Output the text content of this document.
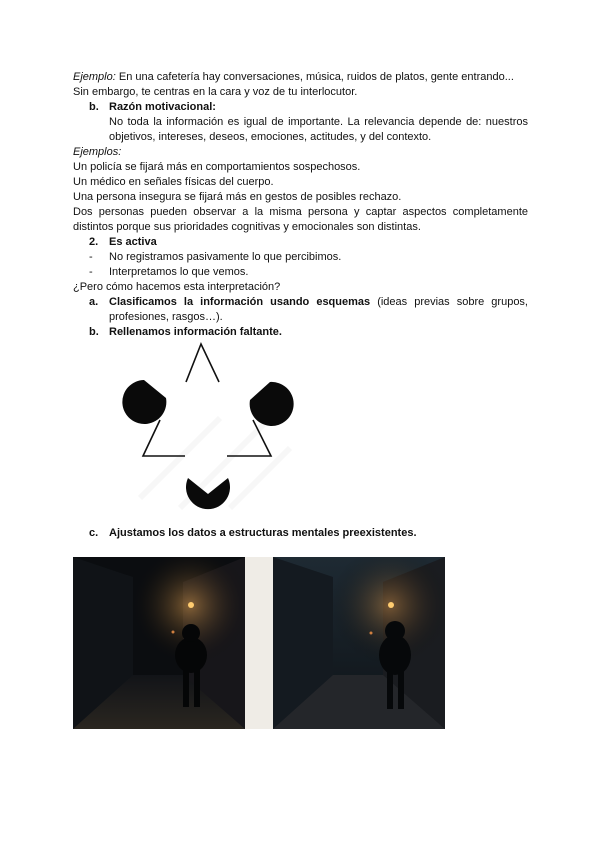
Ejemplo: En una cafetería hay conversaciones, música, ruidos de platos, gente entrando...

Sin embargo, te centras en la cara y voz de tu interlocutor.

b. Razón motivacional:

No toda la información es igual de importante. La relevancia depende de: nuestros objetivos, intereses, deseos, emociones, actitudes, y del contexto.

Ejemplos:

Un policía se fijará más en comportamientos sospechosos.

Un médico en señales físicas del cuerpo.

Una persona insegura se fijará más en gestos de posibles rechazo.

Dos personas pueden observar a la misma persona y captar aspectos completamente distintos porque sus prioridades cognitivas y emocionales son distintas.

2. Es activa
-	No registramos pasivamente lo que percibimos.
-	Interpretamos lo que vemos.

¿Pero cómo hacemos esta interpretación?

a. Clasificamos la información usando esquemas (ideas previas sobre grupos, profesiones, rasgos…).
b. Rellenamos información faltante.
c. Ajustamos los datos a estructuras mentales preexistentes.
